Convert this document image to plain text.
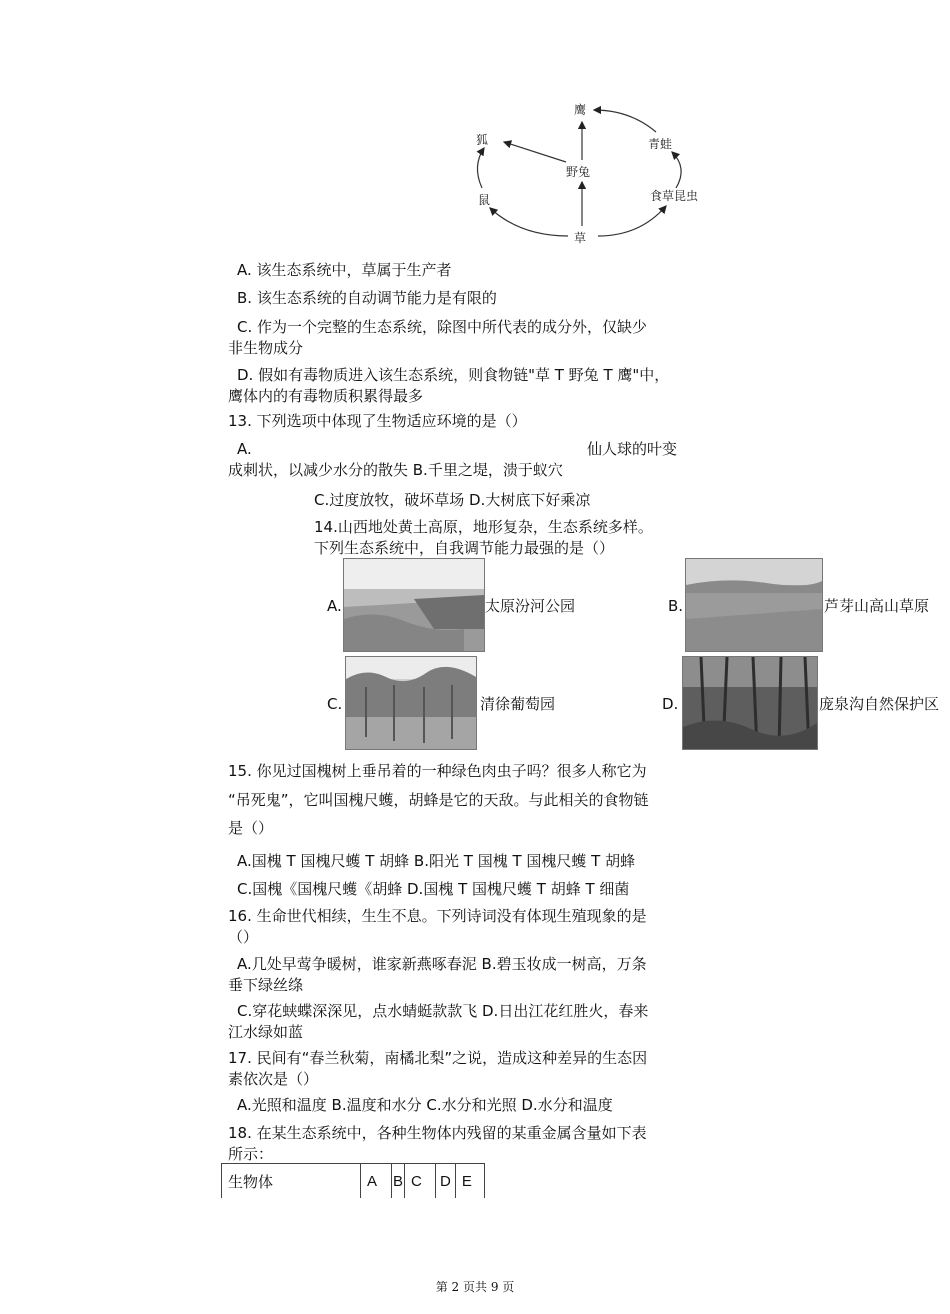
鹰
狐
野兔
青蛙
鼠	食草昆虫
草
A. 该生态系统中，草属于生产者
B. 该生态系统的自动调节能力是有限的
C. 作为一个完整的生态系统，除图中所代表的成分外，仅缺少
非生物成分
D. 假如有毒物质进入该生态系统，则食物链"草 T 野兔 T 鹰"中，
鹰体内的有毒物质积累得最多
13. 下列选项中体现了生物适应环境的是（）
A.	仙人球的叶变
成刺状，以减少水分的散失 B.千里之堤，溃于蚁穴
C.过度放牧，破坏草场 D.大树底下好乘凉
14.山西地处黄土高原，地形复杂，生态系统多样。
下列生态系统中，自我调节能力最强的是（）
A.	太原汾河公园	B.	芦芽山高山草原
C.	清徐葡萄园	D.	庞泉沟自然保护区
15. 你见过国槐树上垂吊着的一种绿色肉虫子吗？很多人称它为
“吊死鬼”，它叫国槐尺蠖，胡蜂是它的天敌。与此相关的食物链
是（）
A.国槐 T 国槐尺蠖 T 胡蜂 B.阳光 T 国槐 T 国槐尺蠖 T 胡蜂
C.国槐《国槐尺蠖《胡蜂 D.国槐 T 国槐尺蠖 T 胡蜂 T 细菌
16. 生命世代相续，生生不息。下列诗词没有体现生殖现象的是
（）
A.几处早莺争暖树，谁家新燕啄春泥 B.碧玉妆成一树高，万条
垂下绿丝绦
C.穿花蛱蝶深深见，点水蜻蜓款款飞 D.日出江花红胜火，春来
江水绿如蓝
17. 民间有“春兰秋菊，南橘北梨”之说，造成这种差异的生态因
素依次是（）
A.光照和温度 B.温度和水分 C.水分和光照 D.水分和温度
18. 在某生态系统中，各种生物体内残留的某重金属含量如下表
所示：
生物体	A	B	C	D	E
第 2 页共 9 页
